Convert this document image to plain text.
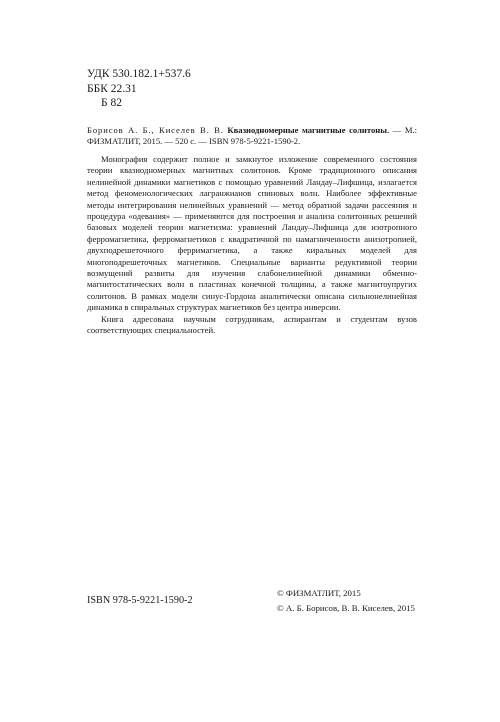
УДК 530.182.1+537.6
ББК 22.31
Б 82
Борисов А. Б., Киселев В. В. Квазиодномерные магнитные солитоны. — М.: ФИЗМАТЛИТ, 2015. — 520 с. — ISBN 978-5-9221-1590-2.

Монография содержит полное и замкнутое изложение современного состояния теории квазиодномерных магнитных солитонов. Кроме традиционного описания нелинейной динамики магнетиков с помощью уравнений Ландау–Лифшица, излагается метод феноменологических лагранжианов спиновых волн. Наиболее эффективные методы интегрирования нелинейных уравнений — метод обратной задачи рассеяния и процедура «одевания» — применяются для построения и анализа солитонных решений базовых моделей теории магнетизма: уравнений Ландау–Лифшица для изотропного ферромагнетика, ферромагнетиков с квадратичной по намагниченности анизотропией, двухподрешеточного ферримагнетика, а также киральных моделей для многоподрешеточных магнетиков. Специальные варианты редуктивной теории возмущений развиты для изучения слабонелинейной динамики обменно-магнитостатических волн в пластинах конечной толщины, а также магнитоупругих солитонов. В рамках модели синус-Гордона аналитически описана сильнонелинейная динамика в спиральных структурах магнетиков без центра инверсии.

Книга адресована научным сотрудникам, аспирантам и студентам вузов соответствующих специальностей.

ISBN 978-5-9221-1590-2
© ФИЗМАТЛИТ, 2015
© А. Б. Борисов, В. В. Киселев, 2015
